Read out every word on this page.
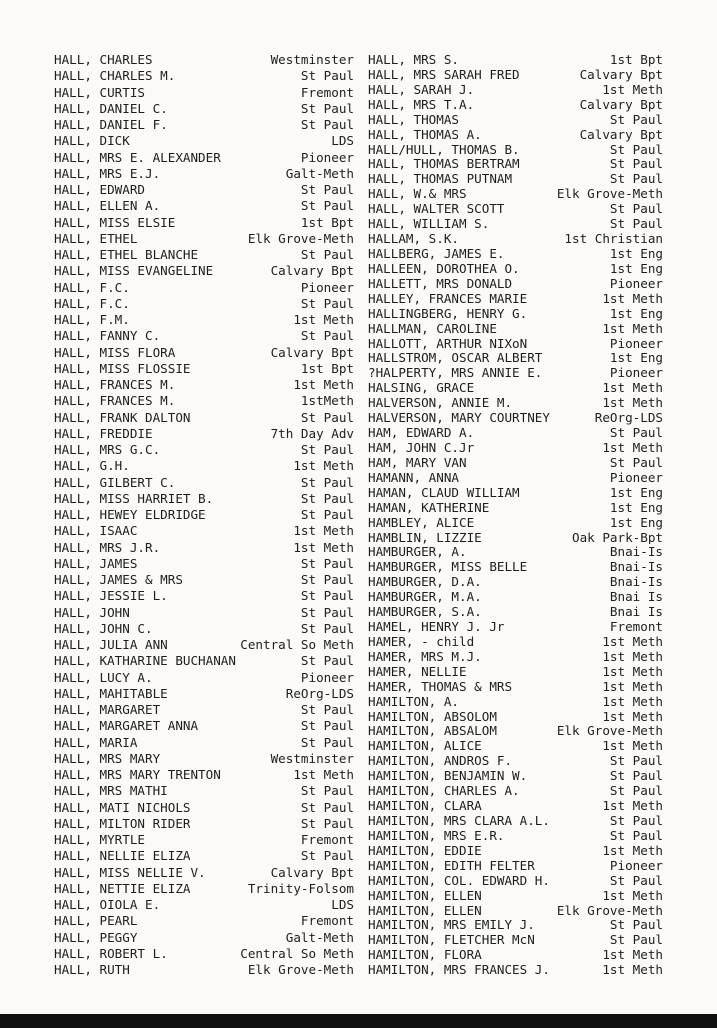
HALL, CHARLES	Westminster
HALL, CHARLES M.	St Paul
HALL, CURTIS	Fremont
HALL, DANIEL C.	St Paul
HALL, DANIEL F.	St Paul
HALL, DICK	LDS
HALL, MRS E. ALEXANDER	Pioneer
HALL, MRS E.J.	Galt-Meth
HALL, EDWARD	St Paul
HALL, ELLEN A.	St Paul
HALL, MISS ELSIE	1st Bpt
HALL, ETHEL	Elk Grove-Meth
HALL, ETHEL BLANCHE	St Paul
HALL, MISS EVANGELINE	Calvary Bpt
HALL, F.C.	Pioneer
HALL, F.C.	St Paul
HALL, F.M.	1st Meth
HALL, FANNY C.	St Paul
HALL, MISS FLORA	Calvary Bpt
HALL, MISS FLOSSIE	1st Bpt
HALL, FRANCES M.	1st Meth
HALL, FRANCES M.	1stMeth
HALL, FRANK DALTON	St Paul
HALL, FREDDIE	7th Day Adv
HALL, MRS G.C.	St Paul
HALL, G.H.	1st Meth
HALL, GILBERT C.	St Paul
HALL, MISS HARRIET B.	St Paul
HALL, HEWEY ELDRIDGE	St Paul
HALL, ISAAC	1st Meth
HALL, MRS J.R.	1st Meth
HALL, JAMES	St Paul
HALL, JAMES & MRS	St Paul
HALL, JESSIE L.	St Paul
HALL, JOHN	St Paul
HALL, JOHN C.	St Paul
HALL, JULIA ANN	Central So Meth
HALL, KATHARINE BUCHANAN	St Paul
HALL, LUCY A.	Pioneer
HALL, MAHITABLE	ReOrg-LDS
HALL, MARGARET	St Paul
HALL, MARGARET ANNA	St Paul
HALL, MARIA	St Paul
HALL, MRS MARY	Westminster
HALL, MRS MARY TRENTON	1st Meth
HALL, MRS MATHI	St Paul
HALL, MATI NICHOLS	St Paul
HALL, MILTON RIDER	St Paul
HALL, MYRTLE	Fremont
HALL, NELLIE ELIZA	St Paul
HALL, MISS NELLIE V.	Calvary Bpt
HALL, NETTIE ELIZA	Trinity-Folsom
HALL, OIOLA E.	LDS
HALL, PEARL	Fremont
HALL, PEGGY	Galt-Meth
HALL, ROBERT L.	Central So Meth
HALL, RUTH	Elk Grove-Meth
HALL, MRS S.	1st Bpt
HALL, MRS SARAH FRED	Calvary Bpt
HALL, SARAH J.	1st Meth
HALL, MRS T.A.	Calvary Bpt
HALL, THOMAS	St Paul
HALL, THOMAS A.	Calvary Bpt
HALL/HULL, THOMAS B.	St Paul
HALL, THOMAS BERTRAM	St Paul
HALL, THOMAS PUTNAM	St Paul
HALL, W.& MRS	Elk Grove-Meth
HALL, WALTER SCOTT	St Paul
HALL, WILLIAM S.	St Paul
HALLAM, S.K.	1st Christian
HALLBERG, JAMES E.	1st Eng
HALLEEN, DOROTHEA O.	1st Eng
HALLETT, MRS DONALD	Pioneer
HALLEY, FRANCES MARIE	1st Meth
HALLINGBERG, HENRY G.	1st Eng
HALLMAN, CAROLINE	1st Meth
HALLOTT, ARTHUR NIXoN	Pioneer
HALLSTROM, OSCAR ALBERT	1st Eng
?HALPERTY, MRS ANNIE E.	Pioneer
HALSING, GRACE	1st Meth
HALVERSON, ANNIE M.	1st Meth
HALVERSON, MARY COURTNEY	ReOrg-LDS
HAM, EDWARD A.	St Paul
HAM, JOHN C.Jr	1st Meth
HAM, MARY VAN	St Paul
HAMANN, ANNA	Pioneer
HAMAN, CLAUD WILLIAM	1st Eng
HAMAN, KATHERINE	1st Eng
HAMBLEY, ALICE	1st Eng
HAMBLIN, LIZZIE	Oak Park-Bpt
HAMBURGER, A.	Bnai-Is
HAMBURGER, MISS BELLE	Bnai-Is
HAMBURGER, D.A.	Bnai-Is
HAMBURGER, M.A.	Bnai Is
HAMBURGER, S.A.	Bnai Is
HAMEL, HENRY J. Jr	Fremont
HAMER, - child	1st Meth
HAMER, MRS M.J.	1st Meth
HAMER, NELLIE	1st Meth
HAMER, THOMAS & MRS	1st Meth
HAMILTON, A.	1st Meth
HAMILTON, ABSOLOM	1st Meth
HAMILTON, ABSALOM	Elk Grove-Meth
HAMILTON, ALICE	1st Meth
HAMILTON, ANDROS F.	St Paul
HAMILTON, BENJAMIN W.	St Paul
HAMILTON, CHARLES A.	St Paul
HAMILTON, CLARA	1st Meth
HAMILTON, MRS CLARA A.L.	St Paul
HAMILTON, MRS E.R.	St Paul
HAMILTON, EDDIE	1st Meth
HAMILTON, EDITH FELTER	Pioneer
HAMILTON, COL. EDWARD H.	St Paul
HAMILTON, ELLEN	1st Meth
HAMILTON, ELLEN	Elk Grove-Meth
HAMILTON, MRS EMILY J.	St Paul
HAMILTON, FLETCHER McN	St Paul
HAMILTON, FLORA	1st Meth
HAMILTON, MRS FRANCES J.	1st Meth
